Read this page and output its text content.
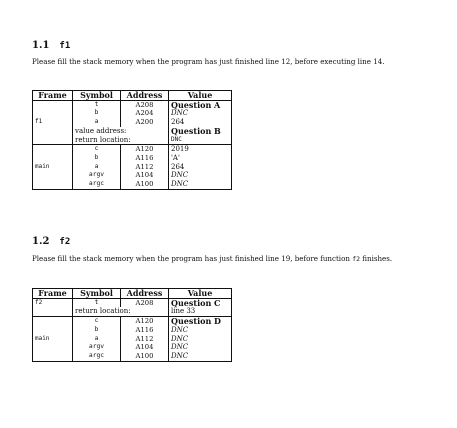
1.1 f1
Please fill the stack memory when the program has just finished line 12, before executing line 14.
Frame	Symbol	Address	Value
	t	A208	Question A
	b	A204	DNC
f1	a	A200	264
	value address:		Question B
	return location:		DNC
	c	A120	2019
	b	A116	'A'
main	a	A112	264
	argv	A104	DNC
	argc	A100	DNC
1.2 f2
Please fill the stack memory when the program has just finished line 19, before function f2 finishes.
Frame	Symbol	Address	Value
f2	t	A208	Question C
	return location:		line 33
	c	A120	Question D
	b	A116	DNC
main	a	A112	DNC
	argv	A104	DNC
	argc	A100	DNC
